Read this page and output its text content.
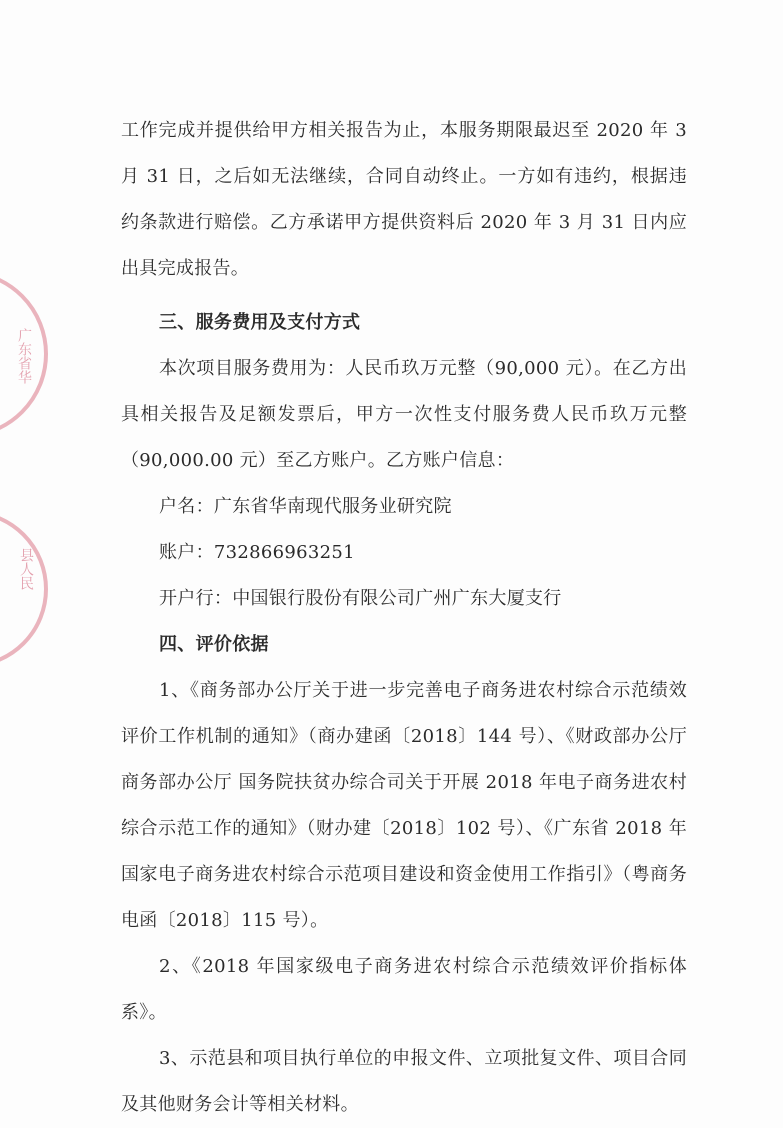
广东省华
县人民

工作完成并提供给甲方相关报告为止，本服务期限最迟至 2020 年 3 月 31 日，之后如无法继续，合同自动终止。一方如有违约，根据违约条款进行赔偿。乙方承诺甲方提供资料后 2020 年 3 月 31 日内应出具完成报告。

三、服务费用及支付方式

本次项目服务费用为：人民币玖万元整（90,000 元）。在乙方出具相关报告及足额发票后，甲方一次性支付服务费人民币玖万元整（90,000.00 元）至乙方账户。乙方账户信息：

户名：广东省华南现代服务业研究院

账户：732866963251

开户行：中国银行股份有限公司广州广东大厦支行

四、评价依据

1、《商务部办公厅关于进一步完善电子商务进农村综合示范绩效评价工作机制的通知》（商办建函〔2018〕144 号）、《财政部办公厅 商务部办公厅 国务院扶贫办综合司关于开展 2018 年电子商务进农村综合示范工作的通知》（财办建〔2018〕102 号）、《广东省 2018 年国家电子商务进农村综合示范项目建设和资金使用工作指引》（粤商务电函〔2018〕115 号）。

2、《2018 年国家级电子商务进农村综合示范绩效评价指标体系》。

3、示范县和项目执行单位的申报文件、立项批复文件、项目合同及其他财务会计等相关材料。
